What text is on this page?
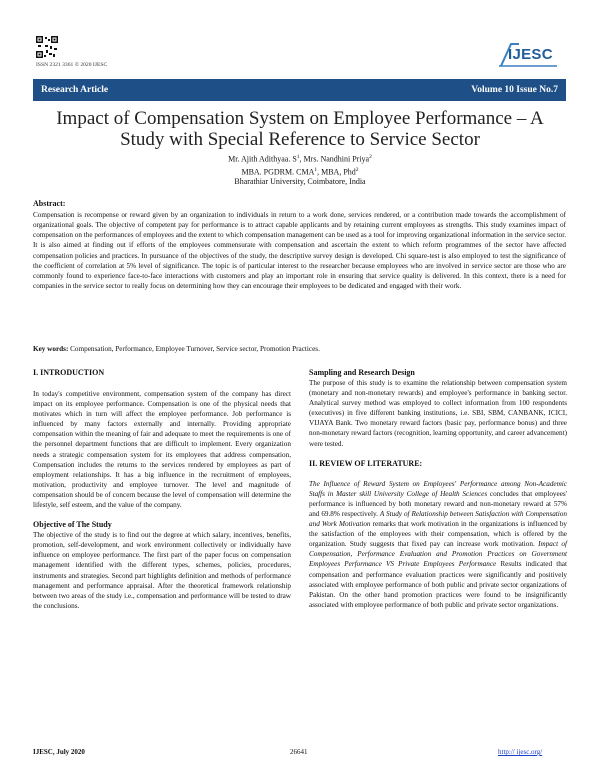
ISSN 2321 3361 © 2020 IJESC
IJESC
Research Article	Volume 10 Issue No.7
Impact of Compensation System on Employee Performance – A Study with Special Reference to Service Sector
Mr. Ajith Adithyaa. $S^1$, Mrs. Nandhini Priya$^2$
MBA. PGDRM. CMA$^1$, MBA, Phd$^2$
Bharathiar University, Coimbatore, India
Abstract:
Compensation is recompense or reward given by an organization to individuals in return to a work done, services rendered, or a contribution made towards the accomplishment of organizational goals. The objective of competent pay for performance is to attract capable applicants and by retaining current employees as strengths. This study examines impact of compensation on the performances of employees and the extent to which compensation management can be used as a tool for improving organizational information in the service sector. It is also aimed at finding out if efforts of the employees commensurate with compensation and ascertain the extent to which reform programmes of the sector have affected compensation policies and practices. In pursuance of the objectives of the study, the descriptive survey design is developed. Chi square-test is also employed to test the significance of the coefficient of correlation at 5% level of significance. The topic is of particular interest to the researcher because employees who are involved in service sector are those who are commonly found to experience face-to-face interactions with customers and play an important role in ensuring that service quality is delivered. In this context, there is a need for companies in the service sector to really focus on determining how they can encourage their employees to be dedicated and engaged with their work.
Key words: Compensation, Performance, Employee Turnover, Service sector, Promotion Practices.
I. INTRODUCTION
In today's competitive environment, compensation system of the company has direct impact on its employee performance. Compensation is one of the physical needs that motivates which in turn will affect the employee performance. Job performance is influenced by many factors externally and internally. Providing appropriate compensation within the meaning of fair and adequate to meet the requirements is one of the personnel department functions that are difficult to implement. Every organization needs a strategic compensation system for its employees that address compensation, Compensation includes the returns to the services rendered by employees as part of employment relationships. It has a big influence in the recruitment of employees, motivation, productivity and employee turnover. The level and magnitude of compensation should be of concern because the level of compensation will determine the lifestyle, self esteem, and the value of the company.
Objective of The Study
The objective of the study is to find out the degree at which salary, incentives, benefits, promotion, self-development, and work environment collectively or individually have influence on employee performance. The first part of the paper focus on compensation management identified with the different types, schemes, policies, procedures, instruments and strategies. Second part highlights definition and methods of performance management and performance appraisal. After the theoretical framework relationship between two areas of the study i.e., compensation and performance will be tested to draw the conclusions.
Sampling and Research Design
The purpose of this study is to examine the relationship between compensation system (monetary and non-monetary rewards) and employee's performance in banking sector. Analytical survey method was employed to collect information from 100 respondents (executives) in five different banking institutions, i.e. SBI, SBM, CANBANK, ICICI, VIJAYA Bank. Two monetary reward factors (basic pay, performance bonus) and three non-monetary reward factors (recognition, learning opportunity, and career advancement) were tested.
II. REVIEW OF LITERATURE:
The Influence of Reward System on Employees' Performance among Non-Academic Staffs in Master skill University College of Health Sciences concludes that employees' performance is influenced by both monetary reward and non-monetary reward at 57% and 69.8% respectively. A Study of Relationship between Satisfaction with Compensation and Work Motivation remarks that work motivation in the organizations is influenced by the satisfaction of the employees with their compensation, which is offered by the organization. Study suggests that fixed pay can increase work motivation. Impact of Compensation, Performance Evaluation and Promotion Practices on Government Employees Performance VS Private Employees Performance Results indicated that compensation and performance evaluation practices were significantly and positively associated with employee performance of both public and private sector organizations of Pakistan. On the other hand promotion practices were found to be insignificantly associated with employee performance of both public and private sector organizations.
IJESC, July 2020	26641	http:// ijesc.org/
